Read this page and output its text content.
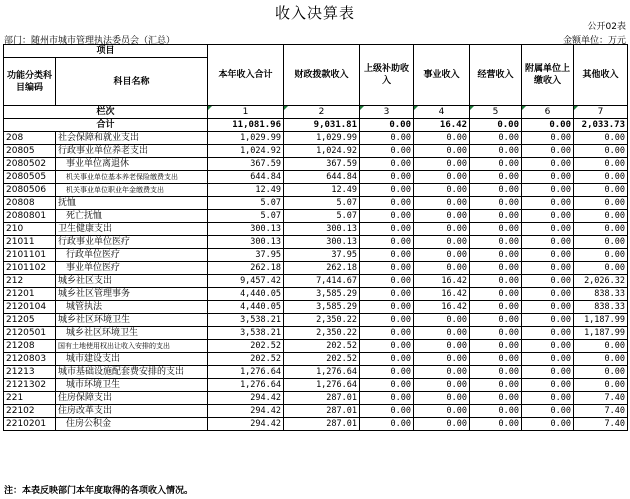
收入决算表
公开02表
部门：随州市城市管理执法委员会（汇总）	金额单位：万元
项目		本年收入合计	财政拨款收入	上级补助收入	事业收入	经营收入	附属单位上缴收入	其他收入
功能分类科目编码	科目名称							

栏次		1	2	3	4	5	6	7
合计		11,081.96	9,031.81	0.00	16.42	0.00	0.00	2,033.73
208	社会保障和就业支出	1,029.99	1,029.99	0.00	0.00	0.00	0.00	0.00
20805	行政事业单位养老支出	1,024.92	1,024.92	0.00	0.00	0.00	0.00	0.00
2080502	事业单位离退休	367.59	367.59	0.00	0.00	0.00	0.00	0.00
2080505	机关事业单位基本养老保险缴费支出	644.84	644.84	0.00	0.00	0.00	0.00	0.00
2080506	机关事业单位职业年金缴费支出	12.49	12.49	0.00	0.00	0.00	0.00	0.00
20808	抚恤	5.07	5.07	0.00	0.00	0.00	0.00	0.00
2080801	死亡抚恤	5.07	5.07	0.00	0.00	0.00	0.00	0.00
210	卫生健康支出	300.13	300.13	0.00	0.00	0.00	0.00	0.00
21011	行政事业单位医疗	300.13	300.13	0.00	0.00	0.00	0.00	0.00
2101101	行政单位医疗	37.95	37.95	0.00	0.00	0.00	0.00	0.00
2101102	事业单位医疗	262.18	262.18	0.00	0.00	0.00	0.00	0.00
212	城乡社区支出	9,457.42	7,414.67	0.00	16.42	0.00	0.00	2,026.32
21201	城乡社区管理事务	4,440.05	3,585.29	0.00	16.42	0.00	0.00	838.33
2120104	城管执法	4,440.05	3,585.29	0.00	16.42	0.00	0.00	838.33
21205	城乡社区环境卫生	3,538.21	2,350.22	0.00	0.00	0.00	0.00	1,187.99
2120501	城乡社区环境卫生	3,538.21	2,350.22	0.00	0.00	0.00	0.00	1,187.99
21208	国有土地使用权出让收入安排的支出	202.52	202.52	0.00	0.00	0.00	0.00	0.00
2120803	城市建设支出	202.52	202.52	0.00	0.00	0.00	0.00	0.00
21213	城市基础设施配套费安排的支出	1,276.64	1,276.64	0.00	0.00	0.00	0.00	0.00
2121302	城市环境卫生	1,276.64	1,276.64	0.00	0.00	0.00	0.00	0.00
221	住房保障支出	294.42	287.01	0.00	0.00	0.00	0.00	7.40
22102	住房改革支出	294.42	287.01	0.00	0.00	0.00	0.00	7.40
2210201	住房公积金	294.42	287.01	0.00	0.00	0.00	0.00	7.40
注：本表反映部门本年度取得的各项收入情况。
